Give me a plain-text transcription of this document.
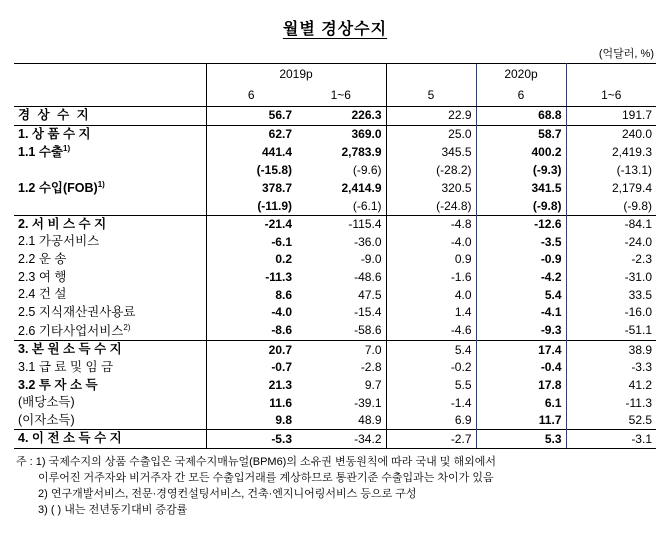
월별 경상수지
(억달러, %)
	2019p			2020p	
	6	1~6	5	6	1~6
경 상 수 지	56.7	226.3	22.9	68.8	191.7
1. 상 품 수 지	62.7	369.0	25.0	58.7	240.0
1.1 수출$^{1)}$	441.4	2,783.9	345.5	400.2	2,419.3
	(-15.8)	(-9.6)	(-28.2)	(-9.3)	(-13.1)
1.2 수입(FOB)$^{1)}$	378.7	2,414.9	320.5	341.5	2,179.4
	(-11.9)	(-6.1)	(-24.8)	(-9.8)	(-9.8)
2. 서 비 스 수 지	-21.4	-115.4	-4.8	-12.6	-84.1
2.1 가공서비스	-6.1	-36.0	-4.0	-3.5	-24.0
2.2 운 송	0.2	-9.0	0.9	-0.9	-2.3
2.3 여 행	-11.3	-48.6	-1.6	-4.2	-31.0
2.4 건 설	8.6	47.5	4.0	5.4	33.5
2.5 지식재산권사용료	-4.0	-15.4	1.4	-4.1	-16.0
2.6 기타사업서비스$^{2)}$	-8.6	-58.6	-4.6	-9.3	-51.1
3. 본 원 소 득 수 지	20.7	7.0	5.4	17.4	38.9
3.1 급 료 및 임 금	-0.7	-2.8	-0.2	-0.4	-3.3
3.2 투 자 소 득	21.3	9.7	5.5	17.8	41.2
(배당소득)	11.6	-39.1	-1.4	6.1	-11.3
(이자소득)	9.8	48.9	6.9	11.7	52.5
4. 이 전 소 득 수 지	-5.3	-34.2	-2.7	5.3	-3.1
주 : 1) 국제수지의 상품 수출입은 국제수지매뉴얼(BPM6)의 소유권 변동원칙에 따라 국내 및 해외에서
이루어진 거주자와 비거주자 간 모든 수출입거래를 계상하므로 통관기준 수출입과는 차이가 있음
2) 연구개발서비스, 전문·경영컨설팅서비스, 건축·엔지니어링서비스 등으로 구성
3) ( ) 내는 전년동기대비 증감률
